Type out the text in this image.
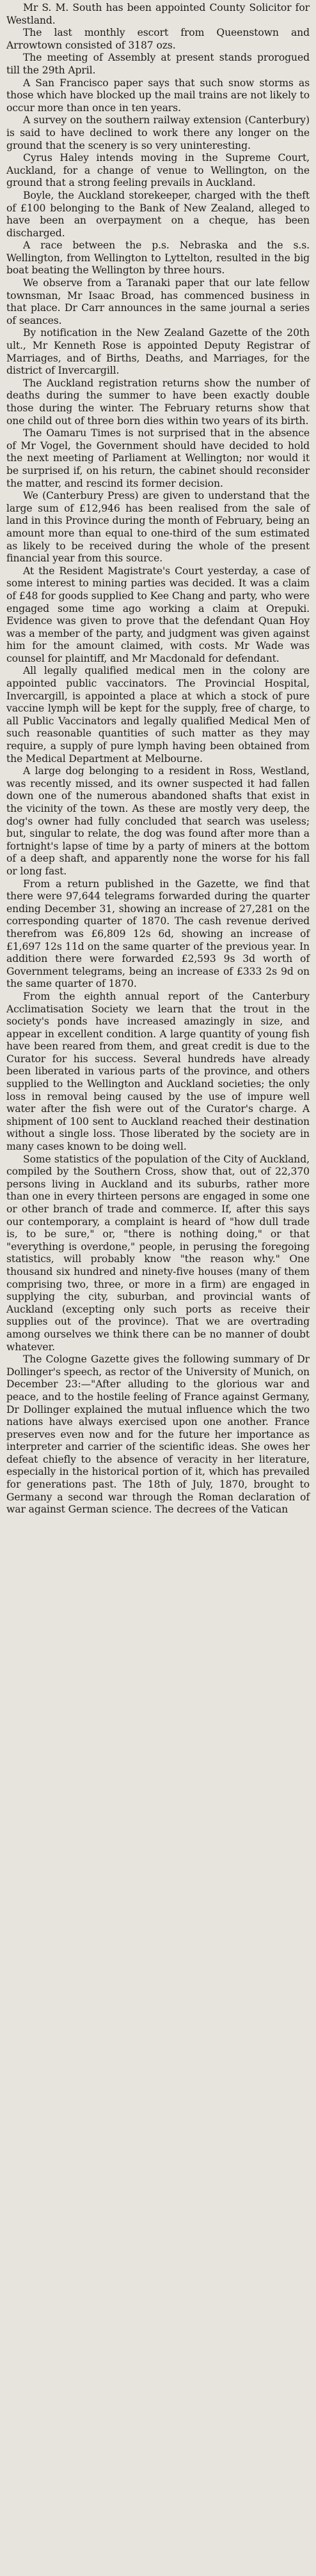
Mr S. M. South has been appointed County Solicitor for Westland.

The last monthly escort from Queenstown and Arrowtown consisted of 3187 ozs.

The meeting of Assembly at present stands prorogued till the 29th April.

A San Francisco paper says that such snow storms as those which have blocked up the mail trains are not likely to occur more than once in ten years.

A survey on the southern railway extension (Canterbury) is said to have declined to work there any longer on the ground that the scenery is so very uninteresting.

Cyrus Haley intends moving in the Supreme Court, Auckland, for a change of venue to Wellington, on the ground that a strong feeling prevails in Auckland.

Boyle, the Auckland storekeeper, charged with the theft of £100 belonging to the Bank of New Zealand, alleged to have been an overpayment on a cheque, has been discharged.

A race between the p.s. Nebraska and the s.s. Wellington, from Wellington to Lyttelton, resulted in the big boat beating the Wellington by three hours.

We observe from a Taranaki paper that our late fellow townsman, Mr Isaac Broad, has commenced business in that place. Dr Carr announces in the same journal a series of seances.

By notification in the New Zealand Gazette of the 20th ult., Mr Kenneth Rose is appointed Deputy Registrar of Marriages, and of Births, Deaths, and Marriages, for the district of Invercargill.

The Auckland registration returns show the number of deaths during the summer to have been exactly double those during the winter. The February returns show that one child out of three born dies within two years of its birth.

The Oamaru Times is not surprised that in the absence of Mr Vogel, the Government should have decided to hold the next meeting of Parliament at Wellington; nor would it be surprised if, on his return, the cabinet should reconsider the matter, and rescind its former decision.

We (Canterbury Press) are given to understand that the large sum of £12,946 has been realised from the sale of land in this Province during the month of February, being an amount more than equal to one-third of the sum estimated as likely to be received during the whole of the present financial year from this source.

At the Resident Magistrate's Court yesterday, a case of some interest to mining parties was decided. It was a claim of £48 for goods supplied to Kee Chang and party, who were engaged some time ago working a claim at Orepuki. Evidence was given to prove that the defendant Quan Hoy was a member of the party, and judgment was given against him for the amount claimed, with costs. Mr Wade was counsel for plaintiff, and Mr Macdonald for defendant.

All legally qualified medical men in the colony are appointed public vaccinators. The Provincial Hospital, Invercargill, is appointed a place at which a stock of pure vaccine lymph will be kept for the supply, free of charge, to all Public Vaccinators and legally qualified Medical Men of such reasonable quantities of such matter as they may require, a supply of pure lymph having been obtained from the Medical Department at Melbourne.

A large dog belonging to a resident in Ross, Westland, was recently missed, and its owner suspected it had fallen down one of the numerous abandoned shafts that exist in the vicinity of the town. As these are mostly very deep, the dog's owner had fully concluded that search was useless; but, singular to relate, the dog was found after more than a fortnight's lapse of time by a party of miners at the bottom of a deep shaft, and apparently none the worse for his fall or long fast.

From a return published in the Gazette, we find that there were 97,644 telegrams forwarded during the quarter ending December 31, showing an increase of 27,281 on the corresponding quarter of 1870. The cash revenue derived therefrom was £6,809 12s 6d, showing an increase of £1,697 12s 11d on the same quarter of the previous year. In addition there were forwarded £2,593 9s 3d worth of Government telegrams, being an increase of £333 2s 9d on the same quarter of 1870.

From the eighth annual report of the Canterbury Acclimatisation Society we learn that the trout in the society's ponds have increased amazingly in size, and appear in excellent condition. A large quantity of young fish have been reared from them, and great credit is due to the Curator for his success. Several hundreds have already been liberated in various parts of the province, and others supplied to the Wellington and Auckland societies; the only loss in removal being caused by the use of impure well water after the fish were out of the Curator's charge. A shipment of 100 sent to Auckland reached their destination without a single loss. Those liberated by the society are in many cases known to be doing well.

Some statistics of the population of the City of Auckland, compiled by the Southern Cross, show that, out of 22,370 persons living in Auckland and its suburbs, rather more than one in every thirteen persons are engaged in some one or other branch of trade and commerce. If, after this says our contemporary, a complaint is heard of "how dull trade is, to be sure," or, "there is nothing doing," or that "everything is overdone," people, in perusing the foregoing statistics, will probably know "the reason why." One thousand six hundred and ninety-five houses (many of them comprising two, three, or more in a firm) are engaged in supplying the city, suburban, and provincial wants of Auckland (excepting only such ports as receive their supplies out of the province). That we are overtrading among ourselves we think there can be no manner of doubt whatever.

The Cologne Gazette gives the following summary of Dr Dollinger's speech, as rector of the University of Munich, on December 23:—"After alluding to the glorious war and peace, and to the hostile feeling of France against Germany, Dr Dollinger explained the mutual influence which the two nations have always exercised upon one another. France preserves even now and for the future her importance as interpreter and carrier of the scientific ideas. She owes her defeat chiefly to the absence of veracity in her literature, especially in the historical portion of it, which has prevailed for generations past. The 18th of July, 1870, brought to Germany a second war through the Roman declaration of war against German science. The decrees of the Vatican
